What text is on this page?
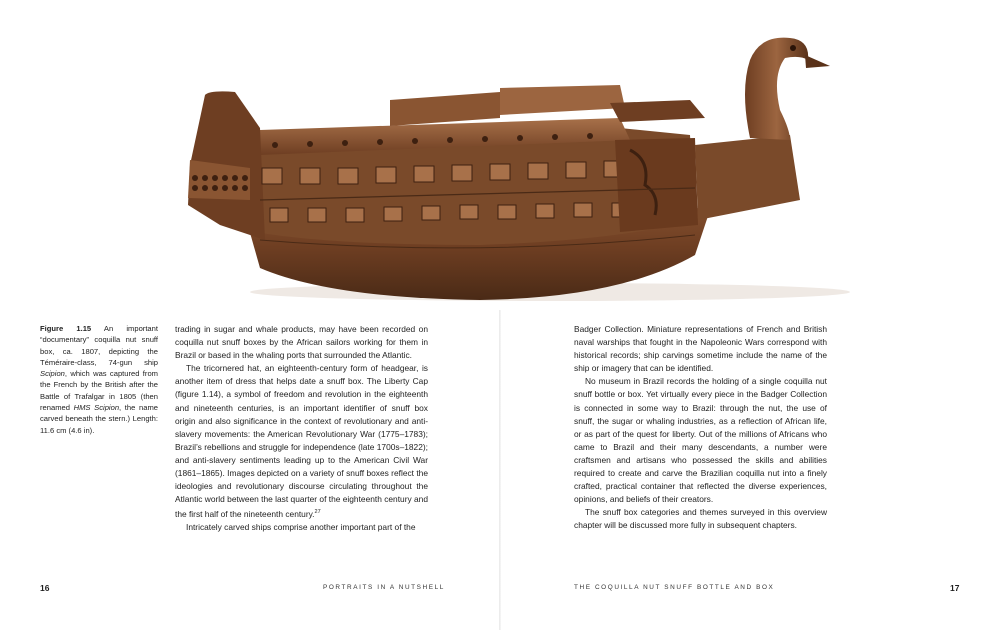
Figure 1.15 An important “documentary” coquilla nut snuff box, ca. 1807, depicting the Téméraire-class, 74-gun ship Scipion, which was captured from the French by the British after the Battle of Trafalgar in 1805 (then renamed HMS Scipion, the name carved beneath the stern.) Length: 11.6 cm (4.6 in).

trading in sugar and whale products, may have been recorded on coquilla nut snuff boxes by the African sailors working for them in Brazil or based in the whaling ports that surrounded the Atlantic.

The tricornered hat, an eighteenth-century form of headgear, is another item of dress that helps date a snuff box. The Liberty Cap (figure 1.14), a symbol of freedom and revolution in the eighteenth and nineteenth centuries, is an important identifier of snuff box origin and also significance in the context of revolutionary and anti-slavery movements: the American Revolutionary War (1775–1783); Brazil’s rebellions and struggle for independence (late 1700s–1822); and anti-slavery sentiments leading up to the American Civil War (1861–1865). Images depicted on a variety of snuff boxes reflect the ideologies and revolutionary discourse circulating throughout the Atlantic world between the last quarter of the eighteenth century and the first half of the nineteenth century.$^{27}$

Intricately carved ships comprise another important part of the

Badger Collection. Miniature representations of French and British naval warships that fought in the Napoleonic Wars correspond with historical records; ship carvings sometime include the name of the ship or imagery that can be identified.

No museum in Brazil records the holding of a single coquilla nut snuff bottle or box. Yet virtually every piece in the Badger Collection is connected in some way to Brazil: through the nut, the use of snuff, the sugar or whaling industries, as a reflection of African life, or as part of the quest for liberty. Out of the millions of Africans who came to Brazil and their many descendants, a number were craftsmen and artisans who possessed the skills and abilities required to create and carve the Brazilian coquilla nut into a finely crafted, practical container that reflected the diverse experiences, opinions, and beliefs of their creators.

The snuff box categories and themes surveyed in this overview chapter will be discussed more fully in subsequent chapters.

16	PORTRAITS IN A NUTSHELL	THE COQUILLA NUT SNUFF BOTTLE AND BOX	17
